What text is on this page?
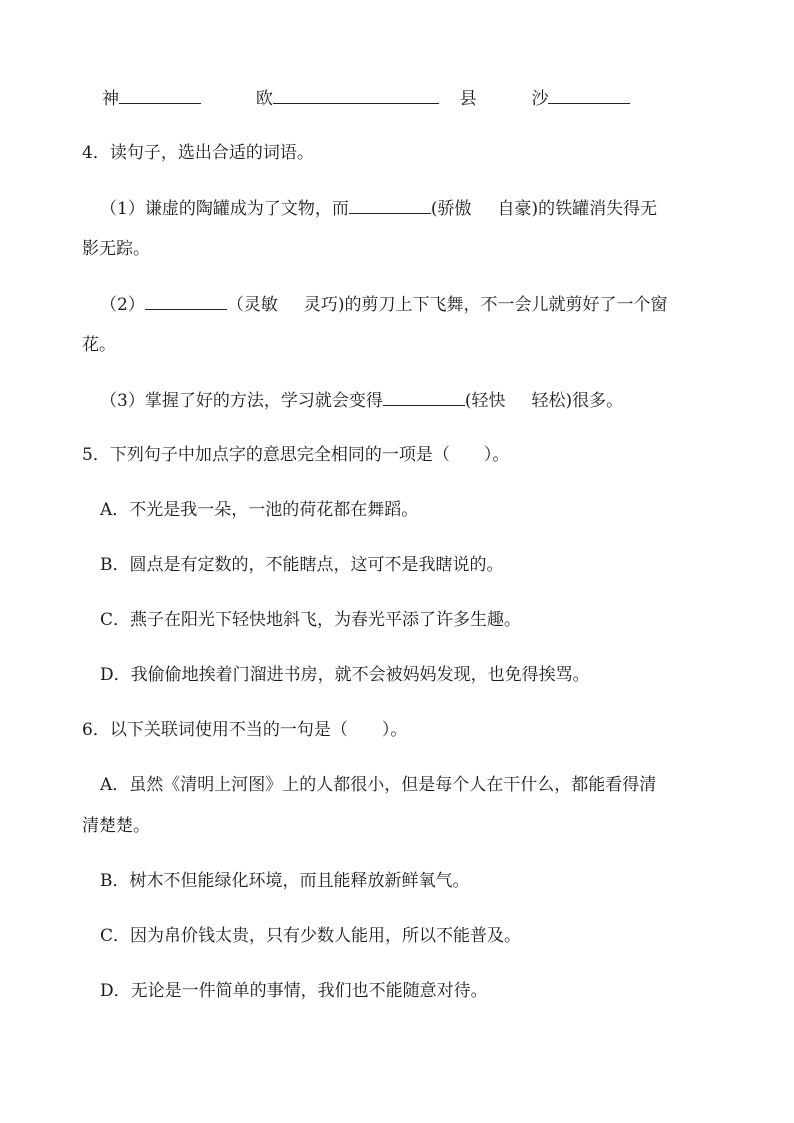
神	欧	县	沙
4．读句子，选出合适的词语。
（1）谦虚的陶罐成为了文物，而	(骄傲 自豪)的铁罐消失得无
影无踪。
（2）	（灵敏 灵巧)的剪刀上下飞舞，不一会儿就剪好了一个窗
花。
（3）掌握了好的方法，学习就会变得	(轻快 轻松)很多。
5．下列句子中加点字的意思完全相同的一项是（　　）。
A．不光是我一朵，一池的荷花都在舞蹈。
B．圆点是有定数的，不能瞎点，这可不是我瞎说的。
C．燕子在阳光下轻快地斜飞，为春光平添了许多生趣。
D．我偷偷地挨着门溜进书房，就不会被妈妈发现，也免得挨骂。
6．以下关联词使用不当的一句是（　　）。
A．虽然《清明上河图》上的人都很小，但是每个人在干什么，都能看得清
清楚楚。
B．树木不但能绿化环境，而且能释放新鲜氧气。
C．因为帛价钱太贵，只有少数人能用，所以不能普及。
D．无论是一件简单的事情，我们也不能随意对待。
